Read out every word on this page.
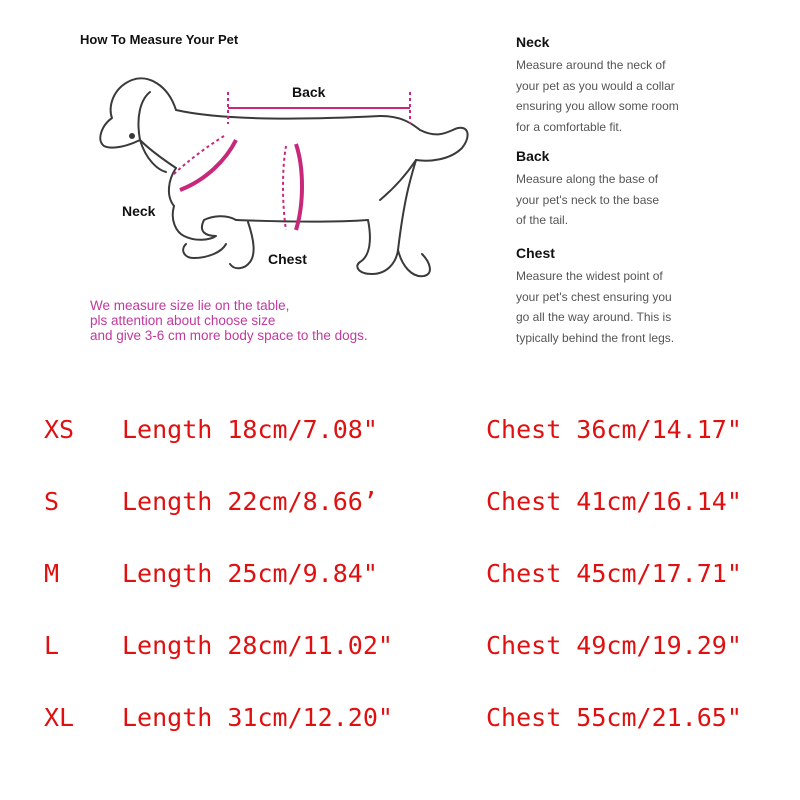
How To Measure Your Pet
Back
Neck
Chest
We measure size lie on the table,
pls attention about choose size
and give 3-6 cm more body space to the dogs.
Neck
Measure around the neck of
your pet as you would a collar
ensuring you allow some room
for a comfortable fit.
Back
Measure along the base of
your pet's neck to the base
of the tail.
Chest
Measure the widest point of
your pet's chest ensuring you
go all the way around. This is
typically behind the front legs.
XS Length 18cm/7.08"	Chest 36cm/14.17"
S	Length 22cm/8.66’	Chest 41cm/16.14"
M	Length 25cm/9.84"	Chest 45cm/17.71"
L	Length 28cm/11.02"	Chest 49cm/19.29"
XL Length 31cm/12.20"	Chest 55cm/21.65"
